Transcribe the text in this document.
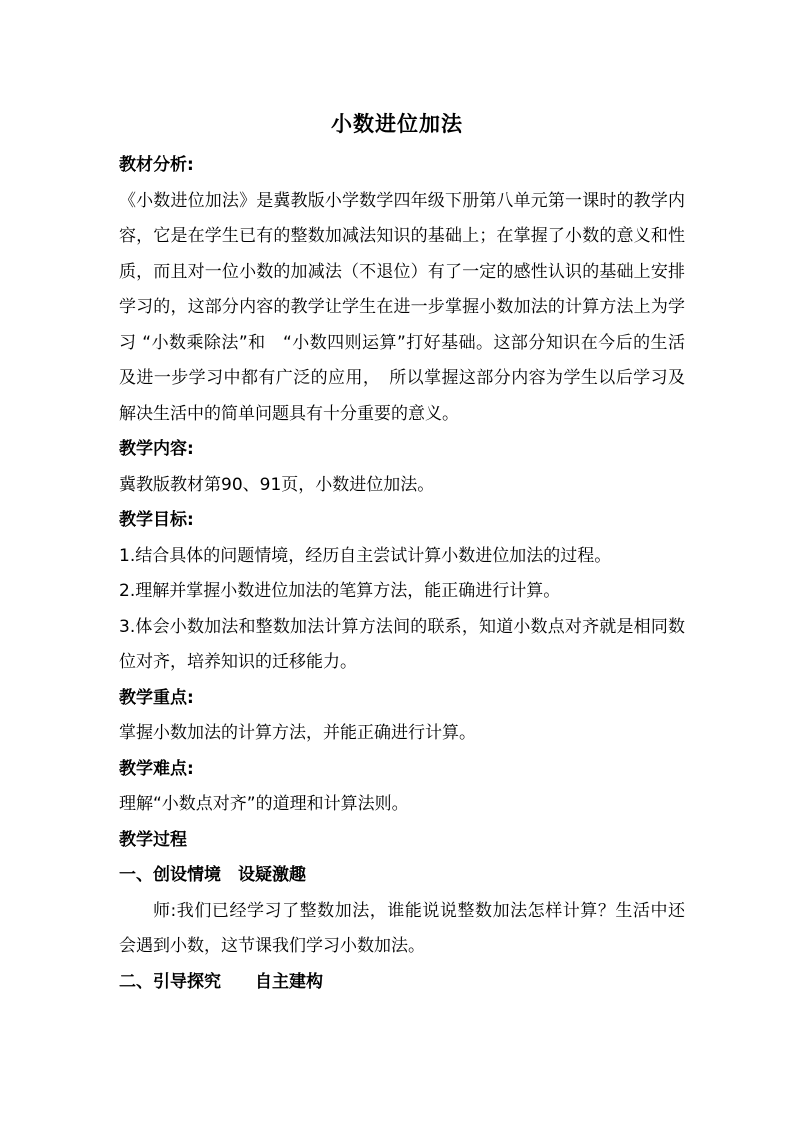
小数进位加法

教材分析:

《小数进位加法》是冀教版小学数学四年级下册第八单元第一课时的教学内容，它是在学生已有的整数加减法知识的基础上；在掌握了小数的意义和性质，而且对一位小数的加减法（不退位）有了一定的感性认识的基础上安排学习的，这部分内容的教学让学生在进一步掌握小数加法的计算方法上为学习 “小数乘除法”和　“小数四则运算”打好基础。这部分知识在今后的生活及进一步学习中都有广泛的应用，　所以掌握这部分内容为学生以后学习及解决生活中的简单问题具有十分重要的意义。

教学内容:

冀教版教材第90、91页，小数进位加法。

教学目标:

1.结合具体的问题情境，经历自主尝试计算小数进位加法的过程。

2.理解并掌握小数进位加法的笔算方法，能正确进行计算。

3.体会小数加法和整数加法计算方法间的联系，知道小数点对齐就是相同数位对齐，培养知识的迁移能力。

教学重点:

掌握小数加法的计算方法，并能正确进行计算。

教学难点:

理解“小数点对齐”的道理和计算法则。

教学过程

一、创设情境　设疑激趣

师:我们已经学习了整数加法，谁能说说整数加法怎样计算？生活中还会遇到小数，这节课我们学习小数加法。

二、引导探究　　自主建构
